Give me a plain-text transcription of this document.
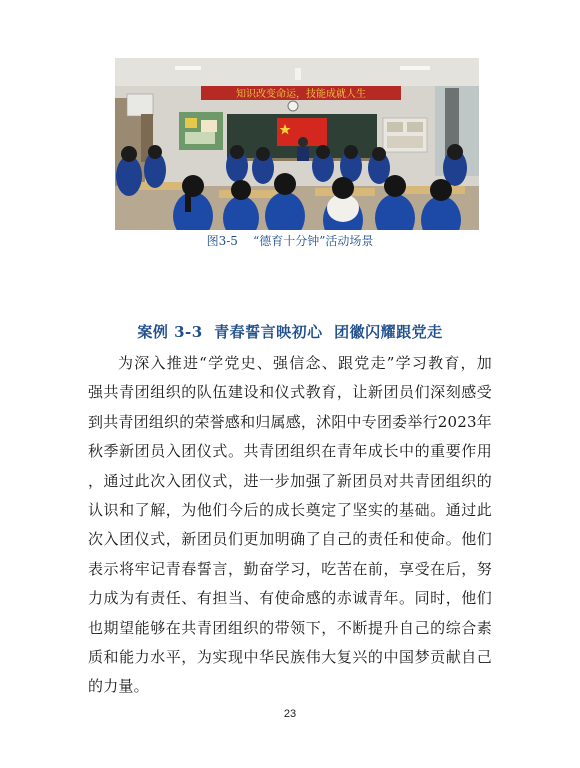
知识改变命运，技能成就人生
图3-5    “德育十分钟”活动场景
案例 3-3  青春誓言映初心  团徽闪耀跟党走
为深入推进“学党史、强信念、跟党走”学习教育，加
强共青团组织的队伍建设和仪式教育，让新团员们深刻感受
到共青团组织的荣誉感和归属感，沭阳中专团委举行2023年
秋季新团员入团仪式。共青团组织在青年成长中的重要作用
，通过此次入团仪式，进一步加强了新团员对共青团组织的
认识和了解，为他们今后的成长奠定了坚实的基础。通过此
次入团仪式，新团员们更加明确了自己的责任和使命。他们
表示将牢记青春誓言，勤奋学习，吃苦在前，享受在后，努
力成为有责任、有担当、有使命感的赤诚青年。同时，他们
也期望能够在共青团组织的带领下，不断提升自己的综合素
质和能力水平，为实现中华民族伟大复兴的中国梦贡献自己
的力量。
23
